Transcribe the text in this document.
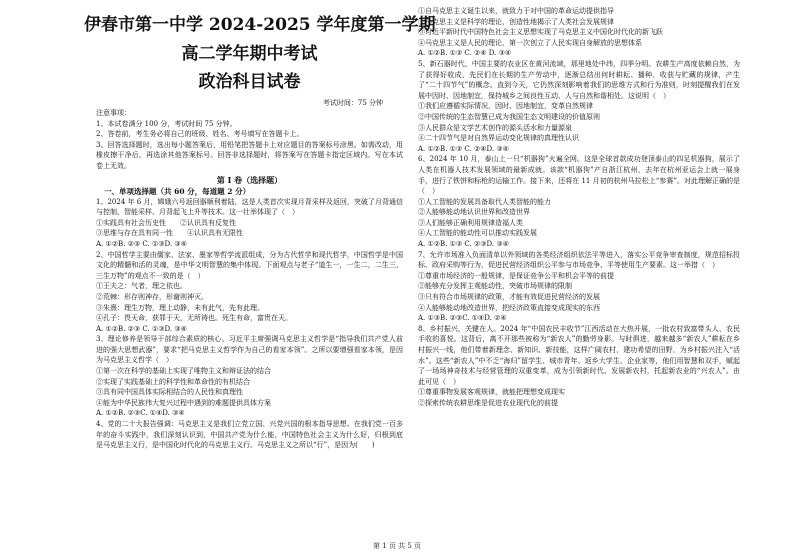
伊春市第一中学 2024-2025 学年度第一学期
高二学年期中考试
政治科目试卷
考试时间：75 分钟

注意事项：

1、本试卷满分 100 分，考试时间 75 分钟。

2、答卷前，考生务必将自己的班级、姓名、考号填写在答题卡上。

3、回答选择题时，选出每小题答案后，用铅笔把答题卡上对应题目的答案标号涂黑。如需改动，用橡皮擦干净后，再选涂其他答案标号。回答非选择题时，将答案写在答题卡指定区域内。写在本试卷上无效。

第 I 卷（选择题）
一、单项选择题（共 60 分，每道题 2 分）

1、2024 年 6 月，嫦娥六号返回器顺利着陆，这是人类首次实现月背采样及返回，突破了月背通信与控制、智能采样、月背起飞上升等技术。这一壮举体现了（　）

①实践具有社会历史性　　②认识具有反复性
③思维与存在具有同一性　　④认识具有无限性
A. ①②B. ②③ C. ①③D. ③④

2、中国哲学主要由儒家、法家、墨家等哲学流派组成，分为古代哲学和现代哲学，中国哲学是中国文化的精髓和活的灵魂，是中华文明智慧的集中体现。下面观点与老子“道生一，一生二，二生三，三生万物”的观点不一致的是（　）

①王夫之：气者，理之依也。
②荒棘：形存则神存，形谢则神灭。
③朱熹：理生万物，理上动静，未有此气，先有此理。
④孔子：畏天命，获罪于天，无所祷也。死生有命，富贵在天。
A. ①②B. ②③ C. ①③D. ③④

3、理论修养是领导干部综合素质的核心。习近平主席强调马克思主义哲学是“指导我们共产党人前进的强大思想武器”，要求“把马克思主义哲学作为自己的看家本领”。之所以要增强看家本领，是因为马克思主义哲学（　）

①第一次在科学的基础上实现了唯物主义和辩证法的结合
②实现了实践基础上的科学性和革命性的有机结合
③具有同中国具体实际相结合的人民性和真理性
④能为中华民族伟大复兴过程中遇到的难题提供具体方案
A. ①②B. ②③C. ①④D. ③④

4、党的二十大报告强调：马克思主义是我们立党立国、兴党兴国的根本指导思想。在我们党一百多年的奋斗实践中，我们深刻认识到，中国共产党为什么能，中国特色社会主义为什么好，归根到底是马克思主义行，是中国化时代化的马克思主义行。马克思主义之所以“行”，是因为(　　)

①自马克思主义诞生以来，就致力于对中国的革命运动提供指导
②马克思主义是科学的理论，创造性地揭示了人类社会发展规律
③习近平新时代中国特色社会主义思想实现了马克思主义中国化时代化的新飞跃
④马克思主义是人民的理论，第一次创立了人民实现自身解放的思想体系
A. ①②B. ①③ C. ②④ D. ③④

5、新石器时代，中国主要的农业区在黄河流域，那里地处中纬，四季分明。农耕生产高度依赖自然，为了获得好收成，先民们在长期的生产劳动中，逐渐总结出何时耕耘、播种、收获与贮藏的规律，产生了“二十四节气”的概念。直到今天，它仍然深刻影响着我们的思维方式和行为准则，时刻提醒我们在发展中因时、因地制宜，保持城乡之间良性互动、人与自然和谐相处。这说明（　）

①我们应遵循实际情况，因时、因地制宜，变革自然规律
②中国传统的生态智慧已成为我国生态文明建设的价值原则
③人民群众是文学艺术创作的源头活水和力量源泉
④二十四节气是对自然界运动变化规律的真理性认识
A. ①②B. ①③ C. ②④D. ③④

6、2024 年 10 月，泰山上一只“机器狗”火遍全网。这是全球首款成功登顶泰山的四足机器狗，展示了人类在机器人技术发展领域的最新成就。该款“机器狗”产自浙江杭州，去年在杭州亚运会上就一展身手，进行了铁饼和标枪的运输工作。接下来，还将在 11 月初的杭州马拉松上“参赛”。对此理解正确的是（　）

①人工智能的发展具备取代人类智能的能力
②人能够能动地认识世界和改造世界
③人们能够正确利用规律造福人类
④人工智能的能动性可以推动实践发展
A. ①②B. ①③ C. ②③D. ③④

7、允许市场准入负面清单以外领域的各类经济组织依法平等进入，落实公平竞争审查制度，规范招标投标、政府采购等行为，促进民营经济组织公平参与市场竞争、平等使用生产要素。这一举措（　）

①尊重市场经济的一般规律，是保证竞争公平和机会平等的前提
②能够充分发挥主观能动性，突破市场规律的限制
③只有符合市场规律的政策，才能有效促进民营经济的发展
④人能够能动地改造世界，把经济政策直接变成现实的东西
A. ①③B. ②③C. ①④D. ②④

8、乡村振兴，关键在人。2024 年“中国农民丰收节”江西活动在大热开展，一批农村致富带头人、农民手收的喜悦。这背后，离不开那些被称为“新农人”的勤劳身影。与时俱进，越来越多“新农人”耕耘在乡村振兴一线，他们带着新理念、新知识、新技能，这样广阔农村，建功希望的田野，为乡村振兴注入“活水”。这些“新农人”中不乏“海归”留学生、城市青年、返乡大学生、企业家等，他们用智慧和双手，赋起了一场场神奇技术与经营管理的双重变革，成为引领新时代、发展新农村，托起新农业的“兴农人”。由此可见（　）

①尊重事物发展客观规律，就能把理想变成现实
②探索传统农耕思维是促进农业现代化的前提
第 1 页 共 5 页
